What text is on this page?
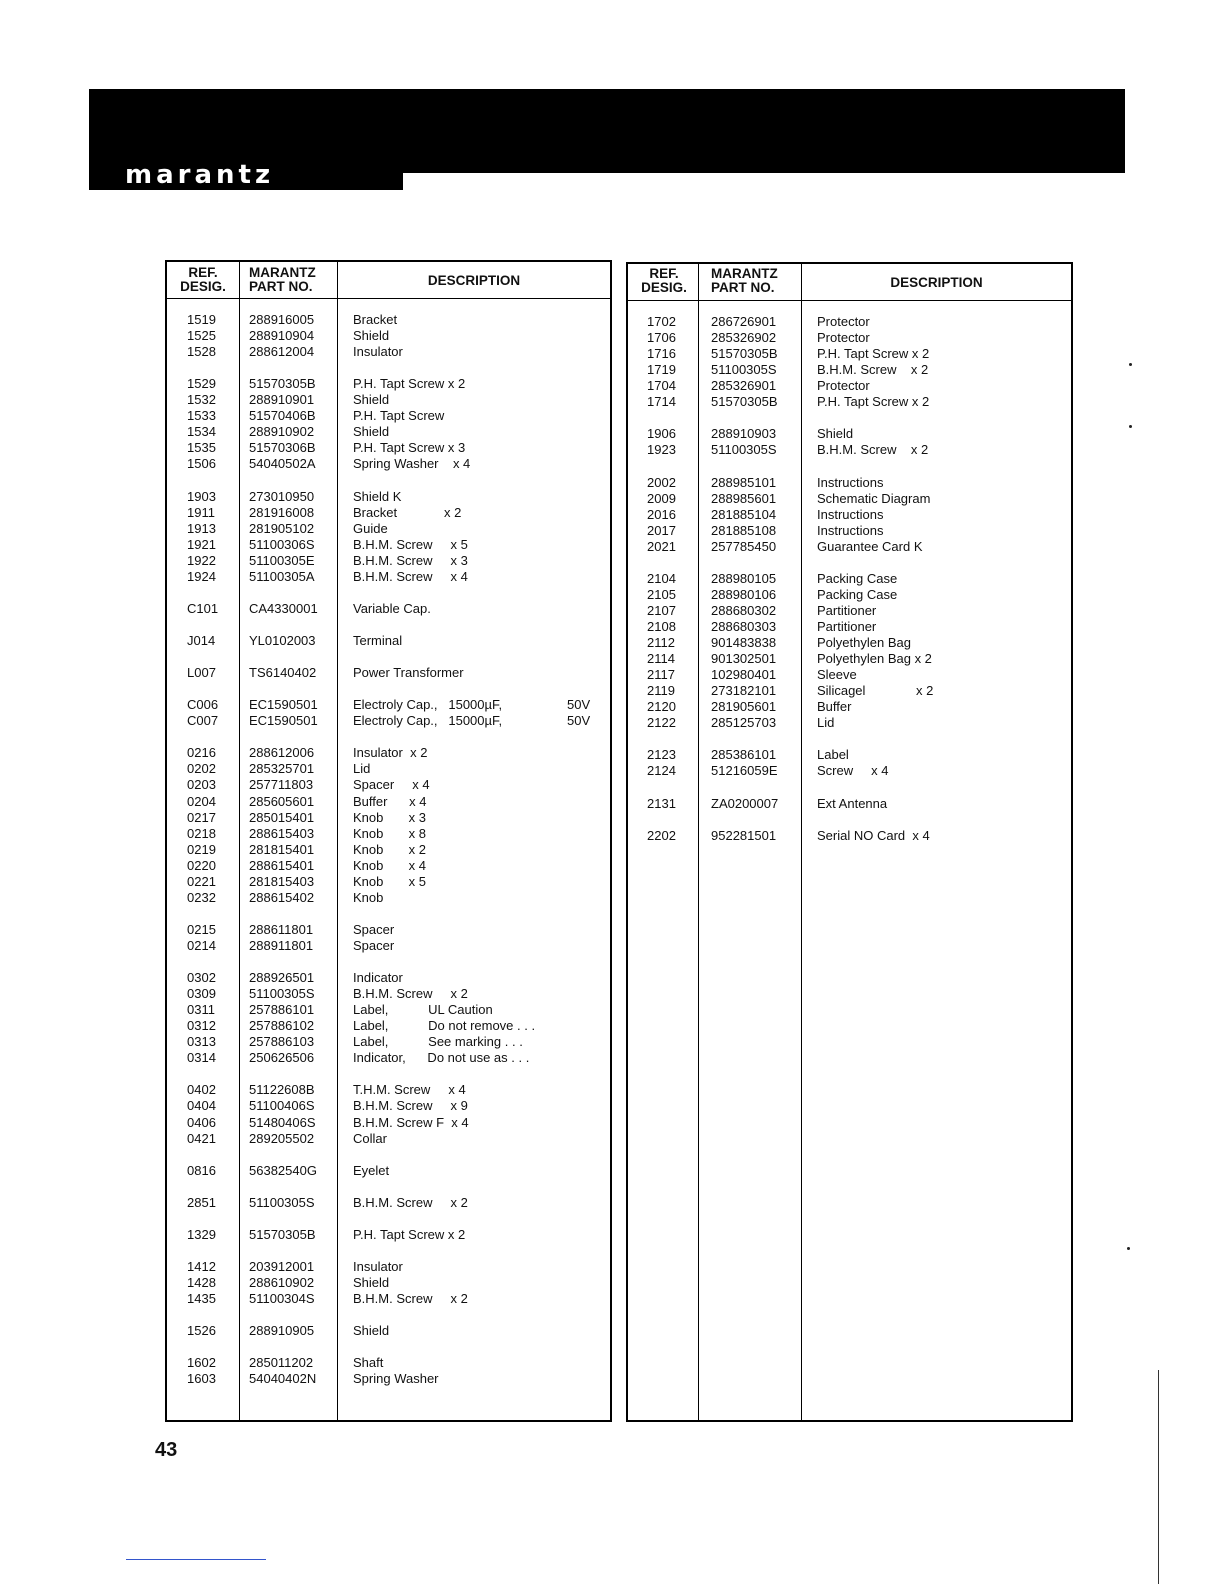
marantz
REF.
DESIG.
MARANTZ
PART NO.	DESCRIPTION
1519	288916005	Bracket
1525	288910904	Shield
1528	288612004	Insulator
1529	51570305B	P.H. Tapt Screw x 2
1532	288910901	Shield
1533	51570406B	P.H. Tapt Screw
1534	288910902	Shield
1535	51570306B	P.H. Tapt Screw x 3
1506	54040502A	Spring Washer    x 4
1903	273010950	Shield K
1911	281916008	Bracket             x 2
1913	281905102	Guide
1921	51100306S	B.H.M. Screw     x 5
1922	51100305E	B.H.M. Screw     x 3
1924	51100305A	B.H.M. Screw     x 4
C101 CA4330001	Variable Cap.
J014	YL0102003	Terminal
L007	TS6140402	Power Transformer
C006 EC1590501	Electroly Cap.,   15000µF,	50V
C007 EC1590501	Electroly Cap.,   15000µF,	50V
0216	288612006	Insulator  x 2
0202	285325701	Lid
0203	257711803	Spacer     x 4
0204	285605601	Buffer      x 4
0217	285015401	Knob       x 3
0218	288615403	Knob       x 8
0219	281815401	Knob       x 2
0220	288615401	Knob       x 4
0221	281815403	Knob       x 5
0232	288615402	Knob
0215	288611801	Spacer
0214	288911801	Spacer
0302	288926501	Indicator
0309	51100305S	B.H.M. Screw     x 2
0311	257886101	Label,           UL Caution
0312	257886102	Label,           Do not remove . . .
0313	257886103	Label,           See marking . . .
0314	250626506	Indicator,      Do not use as . . .
0402	51122608B	T.H.M. Screw     x 4
0404	51100406S	B.H.M. Screw     x 9
0406	51480406S	B.H.M. Screw F  x 4
0421	289205502	Collar
0816	56382540G	Eyelet
2851	51100305S	B.H.M. Screw     x 2
1329	51570305B	P.H. Tapt Screw x 2
1412	203912001	Insulator
1428	288610902	Shield
1435	51100304S	B.H.M. Screw     x 2
1526	288910905	Shield
1602	285011202	Shaft
1603	54040402N	Spring Washer
REF.
DESIG.
MARANTZ
PART NO.	DESCRIPTION
1702	286726901	Protector
1706	285326902	Protector
1716	51570305B	P.H. Tapt Screw x 2
1719	51100305S	B.H.M. Screw    x 2
1704	285326901	Protector
1714	51570305B	P.H. Tapt Screw x 2
1906	288910903	Shield
1923	51100305S	B.H.M. Screw    x 2
2002	288985101	Instructions
2009	288985601	Schematic Diagram
2016	281885104	Instructions
2017	281885108	Instructions
2021	257785450	Guarantee Card K
2104	288980105	Packing Case
2105	288980106	Packing Case
2107	288680302	Partitioner
2108	288680303	Partitioner
2112	901483838	Polyethylen Bag
2114	901302501	Polyethylen Bag x 2
2117	102980401	Sleeve
2119	273182101	Silicagel              x 2
2120	281905601	Buffer
2122	285125703	Lid
2123	285386101	Label
2124	51216059E	Screw     x 4
2131	ZA0200007	Ext Antenna
2202	952281501	Serial NO Card  x 4
43
